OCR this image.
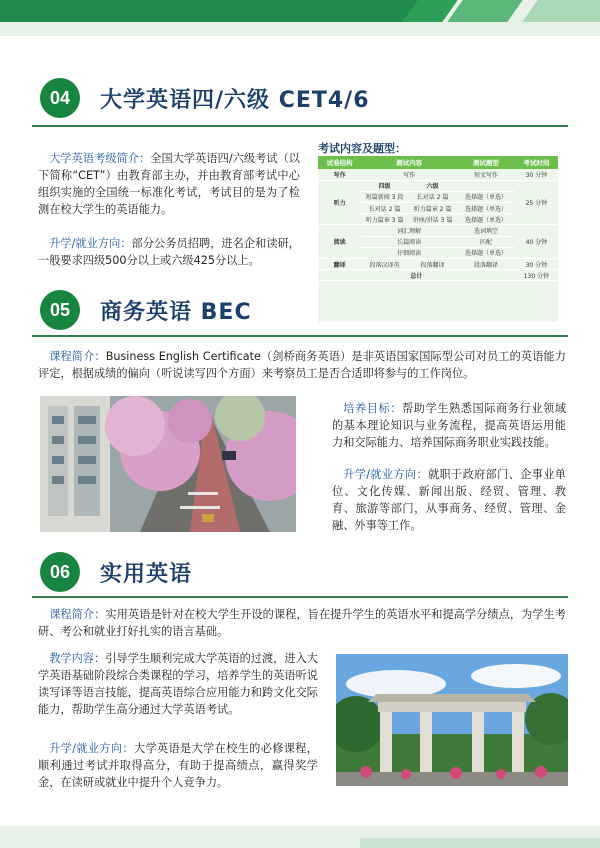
04	大学英语四/六级 CET4/6
大学英语考级简介：全国大学英语四/六级考试（以下简称“CET”）由教育部主办，并由教育部考试中心组织实施的全国统一标准化考试，考试目的是为了检测在校大学生的英语能力。
升学/就业方向：部分公务员招聘，进名企和读研，一般要求四级500分以上或六级425分以上。
考试内容及题型：
试卷结构	测试内容		测试题型	考试时间
写作	写作		短文写作	30 分钟
听力	四级	六级		25 分钟
	短篇新闻 3 段	长对话 2 篇	选择题（单选）	
	长对话 2 篇	听力篇章 2 篇	选择题（单选）	
	听力篇章 3 篇	讲座/讲话 3 篇	选择题（单选）	
阅读	词汇理解		选词填空	40 分钟
	长篇阅读		匹配	
	仔细阅读		选择题（单选）	
翻译	段落汉译英	段落翻译	段落翻译	30 分钟
总计				130 分钟
05	商务英语 BEC
课程简介：Business English Certificate（剑桥商务英语）是非英语国家国际型公司对员工的英语能力评定，根据成绩的偏向（听说读写四个方面）来考察员工是否合适即将参与的工作岗位。
培养目标：帮助学生熟悉国际商务行业领域的基本理论知识与业务流程，提高英语运用能力和交际能力、培养国际商务职业实践技能。
升学/就业方向：就职于政府部门、企事业单位、文化传媒、新闻出版、经贸、管理、教育、旅游等部门，从事商务、经贸、管理、金融、外事等工作。
06	实用英语
课程简介：实用英语是针对在校大学生开设的课程，旨在提升学生的英语水平和提高学分绩点，为学生考研、考公和就业打好扎实的语言基础。
教学内容：引导学生顺利完成大学英语的过渡，进入大学英语基础阶段综合类课程的学习，培养学生的英语听说读写译等语言技能，提高英语综合应用能力和跨文化交际能力，帮助学生高分通过大学英语考试。
升学/就业方向：大学英语是大学在校生的必修课程，顺利通过考试并取得高分，有助于提高绩点，赢得奖学金，在读研或就业中提升个人竞争力。
